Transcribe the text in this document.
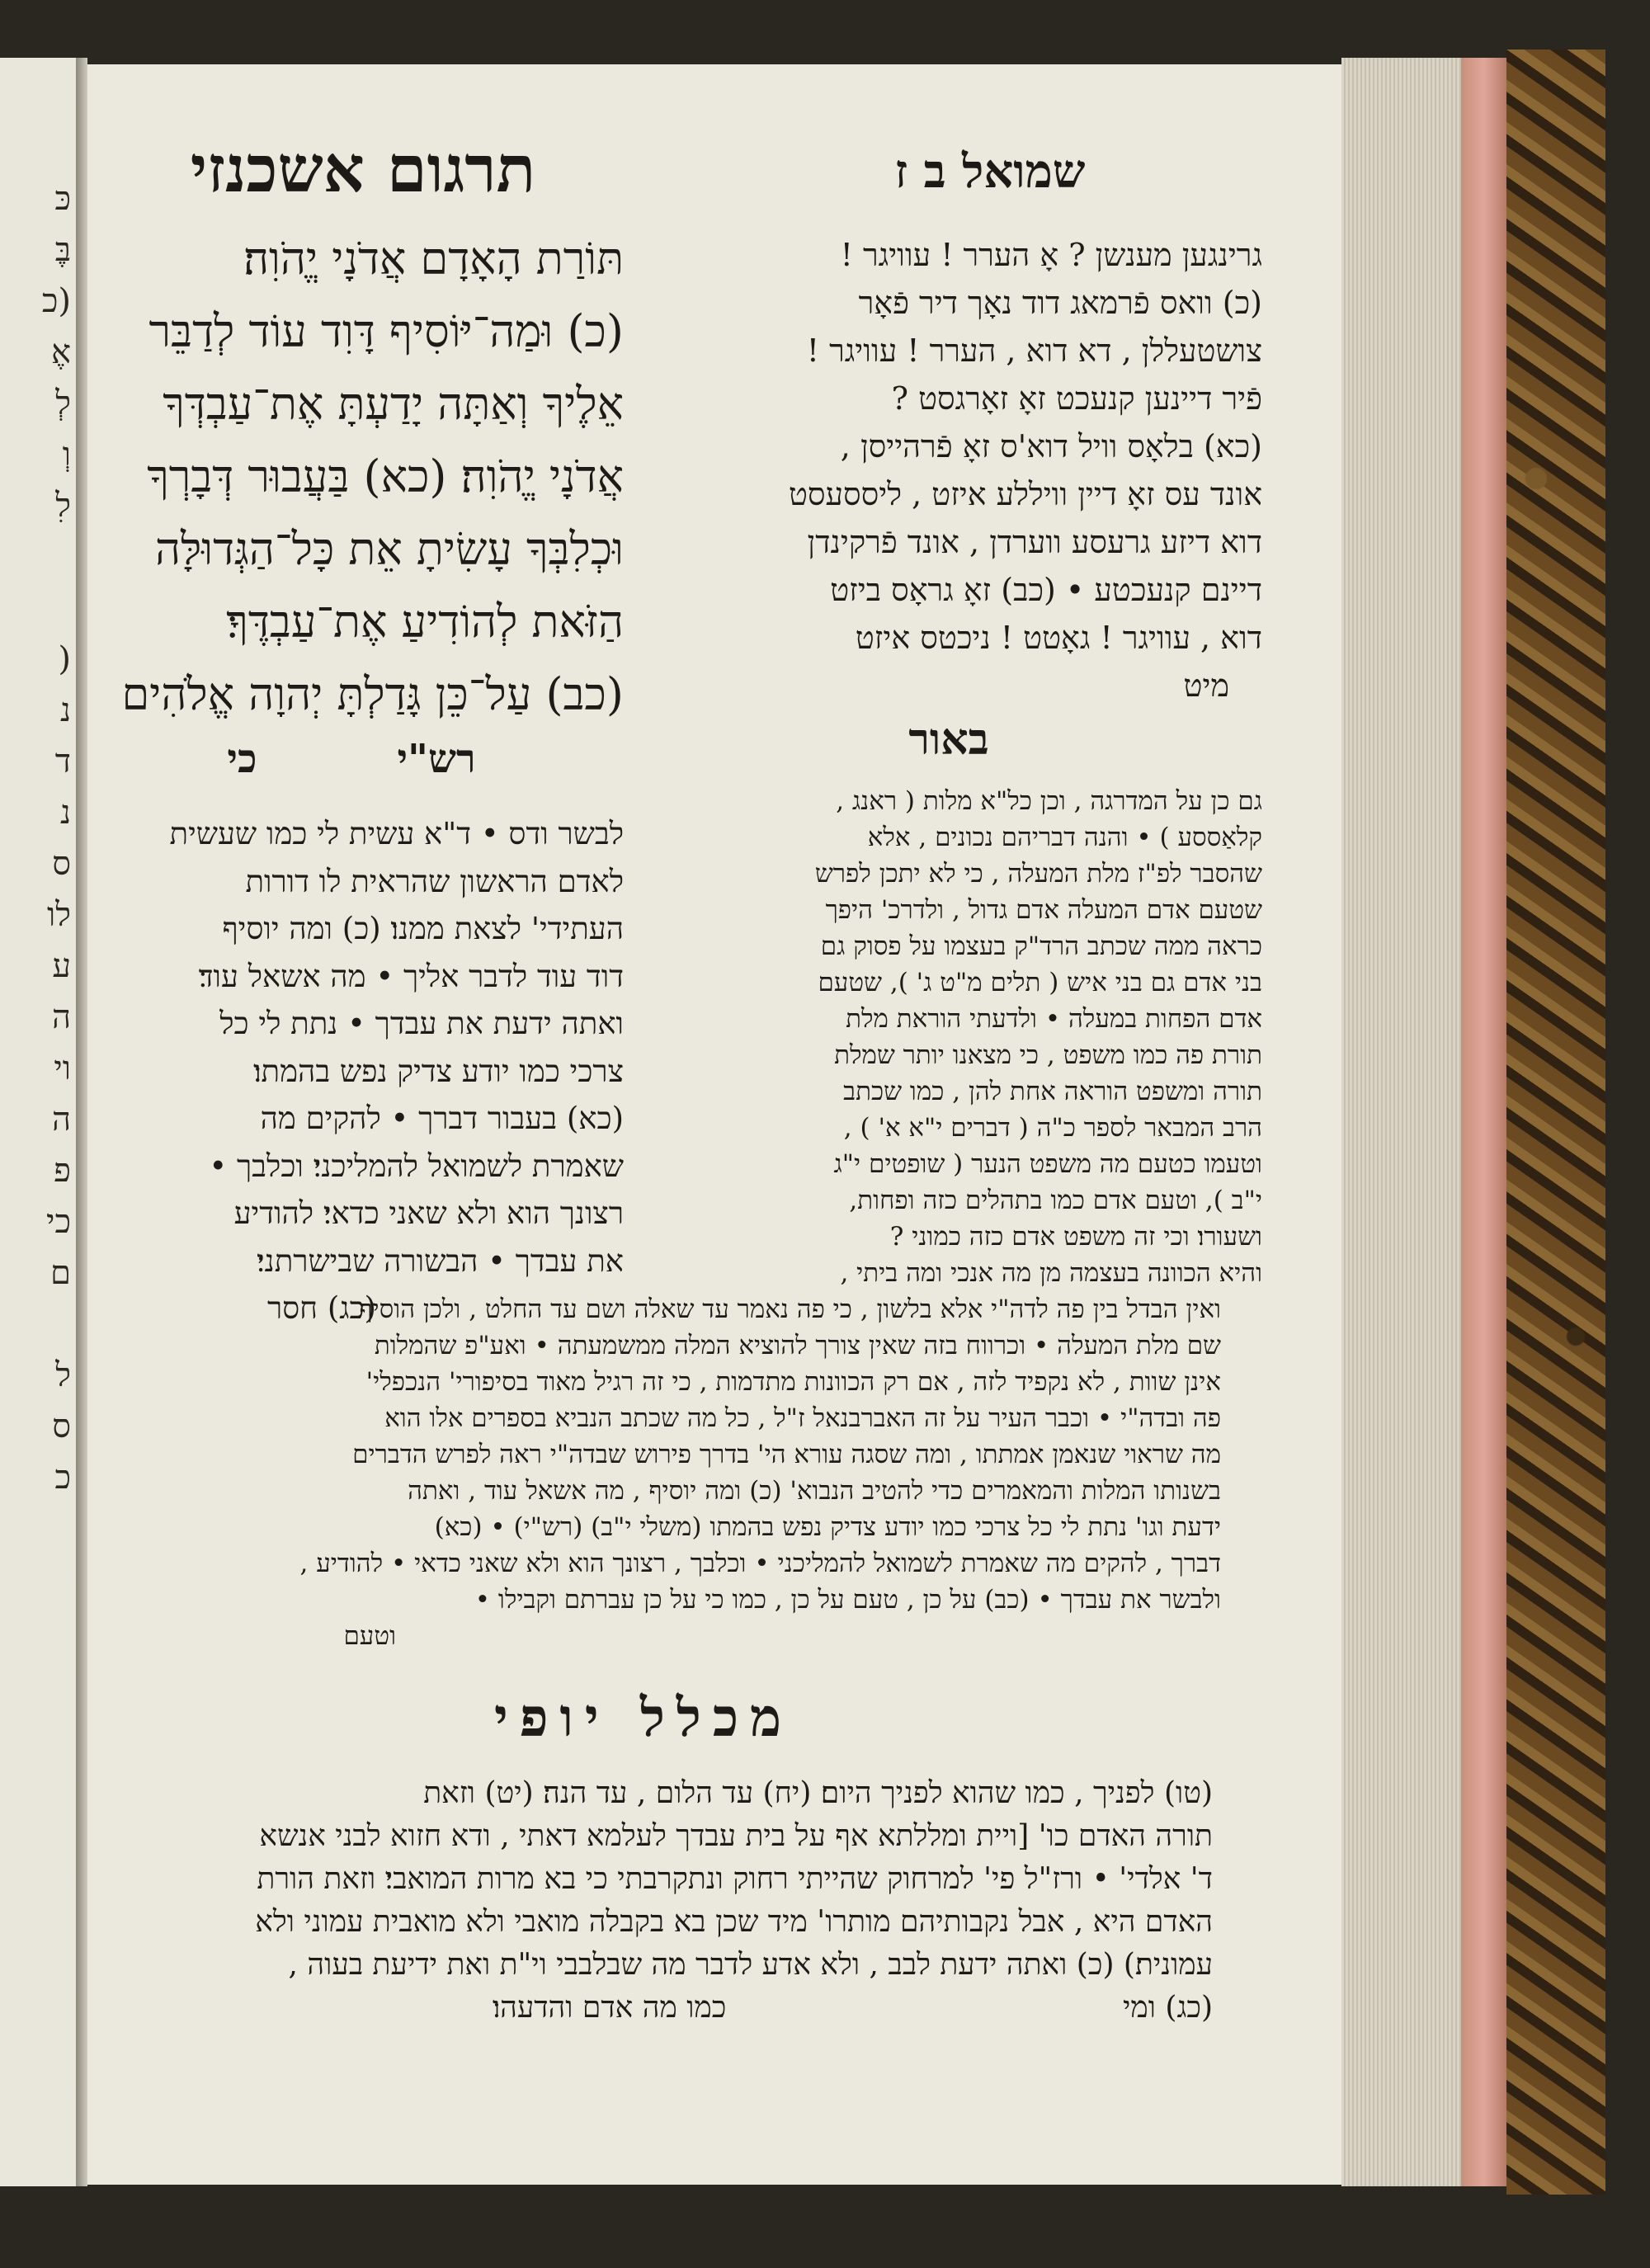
כּ
בֶּ
(כ
אֶ
לְ
וְ
לִ

(
נ
ד
נ
ס
לו
ע
ה
וי
ה
פ
כי
ם

ל
ס
כ
תרגום אשכנזי	שמואל ב ז
גרינגען מענשן ? אָ הערר ! עוויגר !
(כ) וואס פֿרמאג דוד נאָך דיר פֿאָר
צושטעללן , דא דוא , הערר ! עוויגר !
פֿיר דיינען קנעכט זאָ זאָרגסט ?
(כא) בלאָס וויל דוא'ס זאָ פֿרהייסן ,
אונד עס זאָ דיין וויללע איזט , ליססעסט
דוא דיזע גרעסע ווערדן , אונד פֿרקינדן
דיינם קנעכטע • (כב) זאָ גראָס ביזט
דוא , עוויגר ! גאָטט ! ניכטס איזט
מיט
באור
גם כן על המדרגה , וכן כל"א מלות ( ראנג ,
קלאַססע ) • והנה דבריהם נכונים , אלא
שהסבר לפ"ז מלת המעלה , כי לא יתכן לפרש
שטעם אדם המעלה אדם גדול , ולדרכ' היפך
כראה ממה שכתב הרד"ק בעצמו על פסוק גם
בני אדם גם בני איש ( תלים מ"ט ג' ), שטעם
אדם הפחות במעלה • ולדעתי הוראת מלת
תורת פה כמו משפט , כי מצאנו יותר שמלת
תורה ומשפט הוראה אחת להן , כמו שכתב
הרב המבאר לספר כ"ה ( דברים י"א א' ) ,
וטעמו כטעם מה משפט הנער ( שופטים י"ג
י"ב ), וטעם אדם כמו בתהלים כזה ופחות,
ושעורו׃ וכי זה משפט אדם כזה כמוני ?
והיא הכוונה בעצמה מן מה אנכי ומה ביתי ,
תּוֹרַת הָאָדָם אֲדֹנָי יֱהֹוִה׃
(כ) וּמַה־יּוֹסִיף דָּוִד עוֹד לְדַבֵּר
אֵלֶיךָ וְאַתָּה יָדַעְתָּ אֶת־עַבְדְּךָ
אֲדֹנָי יֱהֹוִה׃ (כא) בַּעֲבוּר דְּבָרְךָ
וּכְלִבְּךָ עָשִׂיתָ אֵת כָּל־הַגְּדוּלָּה
הַזֹּאת לְהוֹדִיעַ אֶת־עַבְדֶּךָ׃
(כב) עַל־כֵּן גָּדַלְתָּ יְהוָה אֱלֹהִים
רש"י
כי
לבשר ודס • ד"א עשית לי כמו שעשית
לאדם הראשון שהראית לו דורות
העתידי' לצאת ממנו׃ (כ) ומה יוסיף
דוד עוד לדבר אליך • מה אשאל עוד׃
ואתה ידעת את עבדך • נתת לי כל
צרכי כמו יודע צדיק נפש בהמתו׃
(כא) בעבור דברך • להקים מה
שאמרת לשמואל להמליכני׃ וכלבך •
רצונך הוא ולא שאני כדאי׃ להודיע
את עבדך • הבשורה שבישרתני׃
(כג) חסר
ואין הבדל בין פה לדה"י אלא בלשון , כי פה נאמר עד שאלה ושם עד החלט , ולכן הוסיף
שם מלת המעלה • וכרווח בזה שאין צורך להוציא המלה ממשמעתה • ואע"פ שהמלות
אינן שוות , לא נקפיד לזה , אם רק הכוונות מתדמות , כי זה רגיל מאוד בסיפורי' הנכפלי'
פה ובדה"י • וכבר העיר על זה האברבנאל ז"ל , כל מה שכתב הנביא בספרים אלו הוא
מה שראוי שנאמן אמתתו , ומה שסגה עורא הי' בדרך פירוש שבדה"י ראה לפרש הדברים
בשנותו המלות והמאמרים כדי להטיב הנבוא' (כ) ומה יוסיף , מה אשאל עוד , ואתה
ידעת וגו' נתת לי כל צרכי כמו יודע צדיק נפש בהמתו (משלי י"ב) (רש"י) • (כא)
דברך , להקים מה שאמרת לשמואל להמליכני • וכלבך , רצונך הוא ולא שאני כדאי • להודיע ,
ולבשר את עבדך • (כב) על כן , טעם על כן , כמו כי על כן עברתם וקבילו •
וטעם
מכלל יופי
(טו) לפניך , כמו שהוא לפניך היום׃ (יח) עד הלום , עד הנה׃ (יט) וזאת
תורה האדם כו' [ויית ומללתא אף על בית עבדך לעלמא דאתי , ודא חזוא לבני אנשא
ד' אלדי' • ורז"ל פי' למרחוק שהייתי רחוק ונתקרבתי כי בא מרות המואבי׃ וזאת הורת
האדם היא , אבל נקבותיהם מותרו' מיד שכן בא בקבלה מואבי ולא מואבית עמוני ולא
עמונית׃) (כ) ואתה ידעת לבב , ולא אדע לדבר מה שבלבבי וי"ת ואת ידיעת בעוה ,
(כג) ומי                                          כמו מה אדם והדעהו׃
